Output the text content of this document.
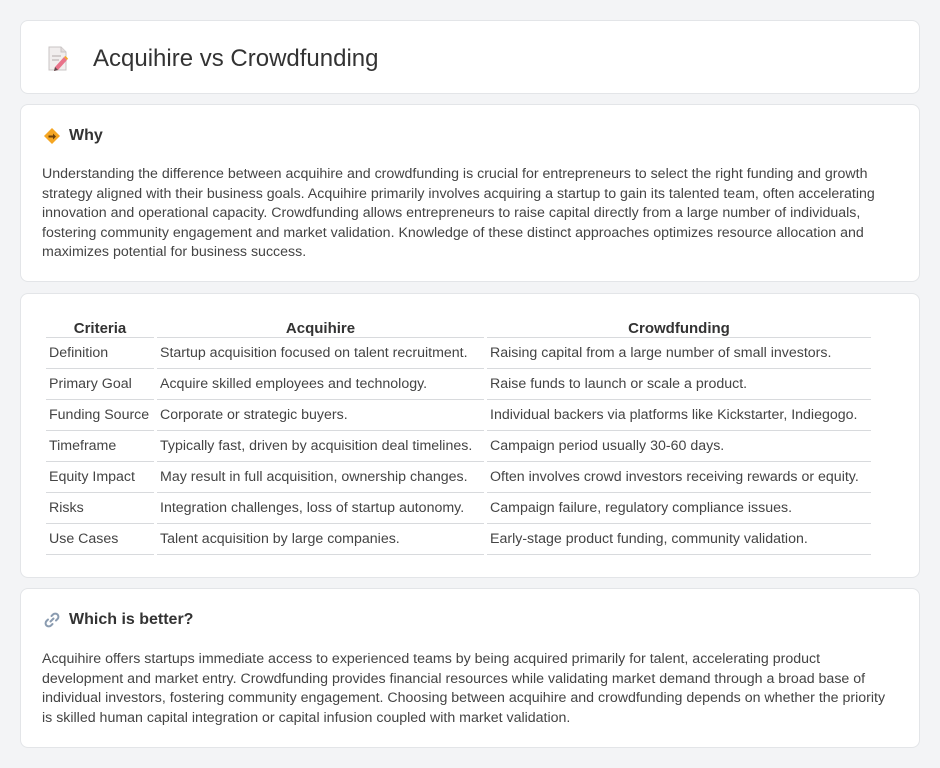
Acquihire vs Crowdfunding
Why

Understanding the difference between acquihire and crowdfunding is crucial for entrepreneurs to select the right funding and growth strategy aligned with their business goals. Acquihire primarily involves acquiring a startup to gain its talented team, often accelerating innovation and operational capacity. Crowdfunding allows entrepreneurs to raise capital directly from a large number of individuals, fostering community engagement and market validation. Knowledge of these distinct approaches optimizes resource allocation and maximizes potential for business success.

Criteria	Acquihire	Crowdfunding
Definition	Startup acquisition focused on talent recruitment.	Raising capital from a large number of small investors.
Primary Goal	Acquire skilled employees and technology.	Raise funds to launch or scale a product.
Funding Source	Corporate or strategic buyers.	Individual backers via platforms like Kickstarter, Indiegogo.
Timeframe	Typically fast, driven by acquisition deal timelines.	Campaign period usually 30-60 days.
Equity Impact	May result in full acquisition, ownership changes.	Often involves crowd investors receiving rewards or equity.
Risks	Integration challenges, loss of startup autonomy.	Campaign failure, regulatory compliance issues.
Use Cases	Talent acquisition by large companies.	Early-stage product funding, community validation.
Which is better?

Acquihire offers startups immediate access to experienced teams by being acquired primarily for talent, accelerating product development and market entry. Crowdfunding provides financial resources while validating market demand through a broad base of individual investors, fostering community engagement. Choosing between acquihire and crowdfunding depends on whether the priority is skilled human capital integration or capital infusion coupled with market validation.
